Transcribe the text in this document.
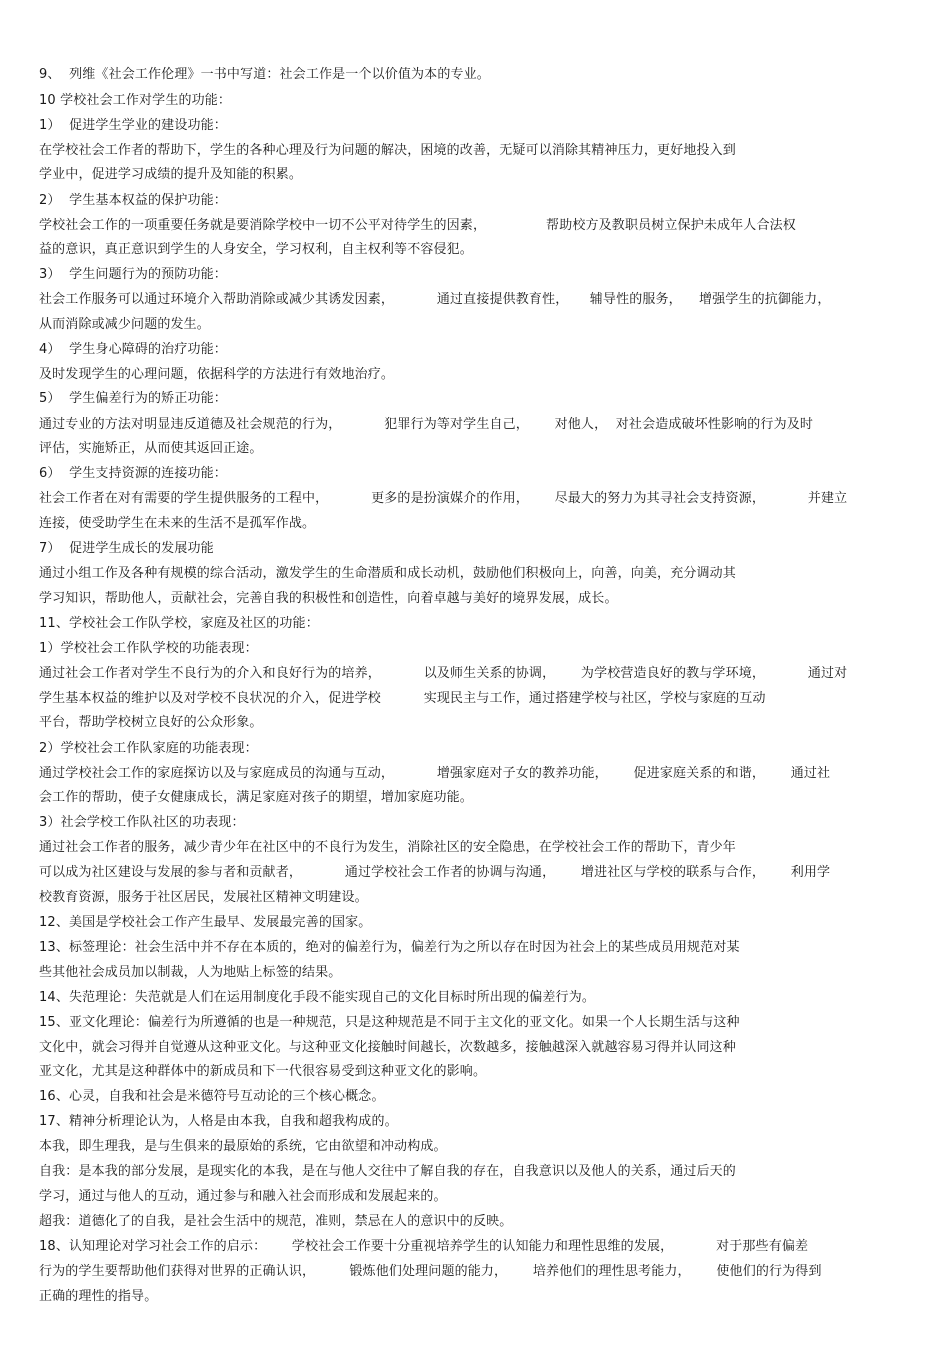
9、  列维《社会工作伦理》一书中写道：社会工作是一个以价值为本的专业。
10 学校社会工作对学生的功能：
1）  促进学生学业的建设功能：
在学校社会工作者的帮助下，学生的各种心理及行为问题的解决，困境的改善，无疑可以消除其精神压力，更好地投入到
学业中，促进学习成绩的提升及知能的积累。
2）  学生基本权益的保护功能：
学校社会工作的一项重要任务就是要消除学校中一切不公平对待学生的因素，              帮助校方及教职员树立保护未成年人合法权
益的意识，真正意识到学生的人身安全，学习权利，自主权利等不容侵犯。
3）  学生问题行为的预防功能：
社会工作服务可以通过环境介入帮助消除或减少其诱发因素，          通过直接提供教育性，     辅导性的服务，    增强学生的抗御能力，
从而消除或减少问题的发生。
4）  学生身心障碍的治疗功能：
及时发现学生的心理问题，依据科学的方法进行有效地治疗。
5）  学生偏差行为的矫正功能：
通过专业的方法对明显违反道德及社会规范的行为，          犯罪行为等对学生自己，      对他人，  对社会造成破坏性影响的行为及时
评估，实施矫正，从而使其返回正途。
6）  学生支持资源的连接功能：
社会工作者在对有需要的学生提供服务的工程中，          更多的是扮演媒介的作用，      尽最大的努力为其寻社会支持资源，          并建立
连接，使受助学生在未来的生活不是孤军作战。
7）  促进学生成长的发展功能
通过小组工作及各种有规模的综合活动，激发学生的生命潜质和成长动机，鼓励他们积极向上，向善，向美，充分调动其
学习知识，帮助他人，贡献社会，完善自我的积极性和创造性，向着卓越与美好的境界发展，成长。
11、学校社会工作队学校，家庭及社区的功能：
1）学校社会工作队学校的功能表现：
通过社会工作者对学生不良行为的介入和良好行为的培养，          以及师生关系的协调，      为学校营造良好的教与学环境，          通过对
学生基本权益的维护以及对学校不良状况的介入，促进学校          实现民主与工作，通过搭建学校与社区，学校与家庭的互动
平台，帮助学校树立良好的公众形象。
2）学校社会工作队家庭的功能表现：
通过学校社会工作的家庭探访以及与家庭成员的沟通与互动，          增强家庭对子女的教养功能，      促进家庭关系的和谐，      通过社
会工作的帮助，使子女健康成长，满足家庭对孩子的期望，增加家庭功能。
3）社会学校工作队社区的功表现：
通过社会工作者的服务，减少青少年在社区中的不良行为发生，消除社区的安全隐患，在学校社会工作的帮助下，青少年
可以成为社区建设与发展的参与者和贡献者，          通过学校社会工作者的协调与沟通，      增进社区与学校的联系与合作，      利用学
校教育资源，服务于社区居民，发展社区精神文明建设。
12、美国是学校社会工作产生最早、发展最完善的国家。
13、标签理论：社会生活中并不存在本质的，绝对的偏差行为，偏差行为之所以存在时因为社会上的某些成员用规范对某
些其他社会成员加以制裁，人为地贴上标签的结果。
14、失范理论：失范就是人们在运用制度化手段不能实现自己的文化目标时所出现的偏差行为。
15、亚文化理论：偏差行为所遵循的也是一种规范，只是这种规范是不同于主文化的亚文化。如果一个人长期生活与这种
文化中，就会习得并自觉遵从这种亚文化。与这种亚文化接触时间越长，次数越多，接触越深入就越容易习得并认同这种
亚文化，尤其是这种群体中的新成员和下一代很容易受到这种亚文化的影响。
16、心灵，自我和社会是米德符号互动论的三个核心概念。
17、精神分析理论认为，人格是由本我，自我和超我构成的。
本我，即生理我，是与生俱来的最原始的系统，它由欲望和冲动构成。
自我：是本我的部分发展，是现实化的本我，是在与他人交往中了解自我的存在，自我意识以及他人的关系，通过后天的
学习，通过与他人的互动，通过参与和融入社会而形成和发展起来的。
超我：道德化了的自我，是社会生活中的规范，准则，禁忌在人的意识中的反映。
18、认知理论对学习社会工作的启示：      学校社会工作要十分重视培养学生的认知能力和理性思维的发展，          对于那些有偏差
行为的学生要帮助他们获得对世界的正确认识，        锻炼他们处理问题的能力，      培养他们的理性思考能力，      使他们的行为得到
正确的理性的指导。
